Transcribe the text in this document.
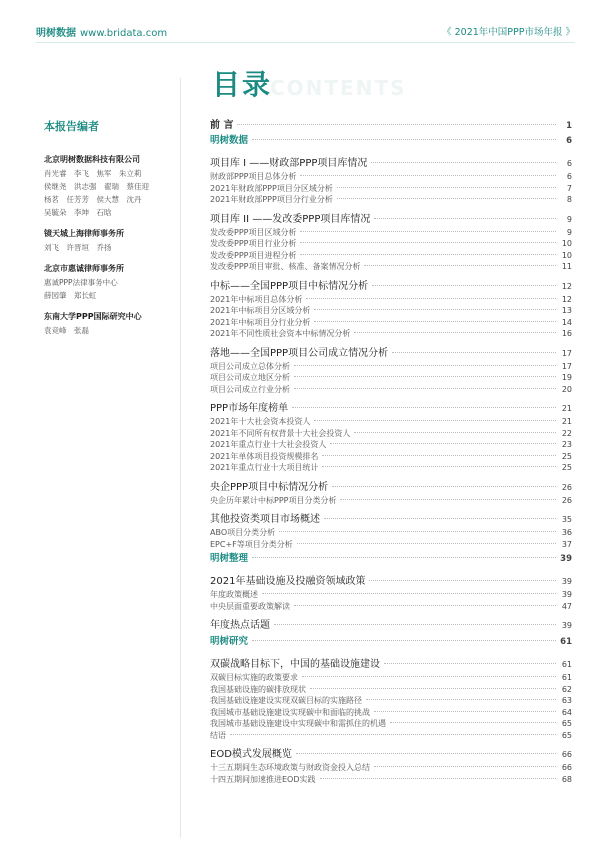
明树数据 www.bridata.com	《 2021年中国PPP市场年报 》
CONTENTS
目录
本报告编者
北京明树数据科技有限公司
肖光睿　李飞　焦军　朱立莉
侯继尧　洪志强　翟瑞　蔡佳迎
杨茗　任芳芳　侯大慧　沈丹
吴毓朵　李坤　石晗
镜天城上海律师事务所
刘飞　许晋垣　乔扬
北京市惠诚律师事务所
惠诚PPP法律事务中心
薛园肇　郑长虹
东南大学PPP国际研究中心
袁竞峰　张磊
前 言	1
明树数据	6
项目库 I ——财政部PPP项目库情况	6
财政部PPP项目总体分析	6
2021年财政部PPP项目分区域分析	7
2021年财政部PPP项目分行业分析	8
项目库 II ——发改委PPP项目库情况	9
发改委PPP项目区域分析	9
发改委PPP项目行业分析	10
发改委PPP项目进程分析	10
发改委PPP项目审批、核准、备案情况分析	11
中标——全国PPP项目中标情况分析	12
2021年中标项目总体分析	12
2021年中标项目分区域分析	13
2021年中标项目分行业分析	14
2021年不同性质社会资本中标情况分析	16
落地——全国PPP项目公司成立情况分析	17
项目公司成立总体分析	17
项目公司成立地区分析	19
项目公司成立行业分析	20
PPP市场年度榜单	21
2021年十大社会资本投资人	21
2021年不同所有权背景十大社会投资人	22
2021年重点行业十大社会投资人	23
2021年单体项目投资规模排名	25
2021年重点行业十大项目统计	25
央企PPP项目中标情况分析	26
央企历年累计中标PPP项目分类分析	26
其他投资类项目市场概述	35
ABO项目分类分析	36
EPC+F等项目分类分析	37
明树整理	39
2021年基础设施及投融资领域政策	39
年度政策概述	39
中央层面重要政策解读	47
年度热点话题	39
明树研究	61
双碳战略目标下，中国的基础设施建设	61
双碳目标实施的政策要求	61
我国基础设施的碳排放现状	62
我国基础设施建设实现双碳目标的实施路径	63
我国城市基础设施建设实现碳中和面临的挑战	64
我国城市基础设施建设中实现碳中和需抓住的机遇	65
结语	65
EOD模式发展概览	66
十三五期间生态环境政策与财政资金投入总结	66
十四五期间加速推进EOD实践	68
